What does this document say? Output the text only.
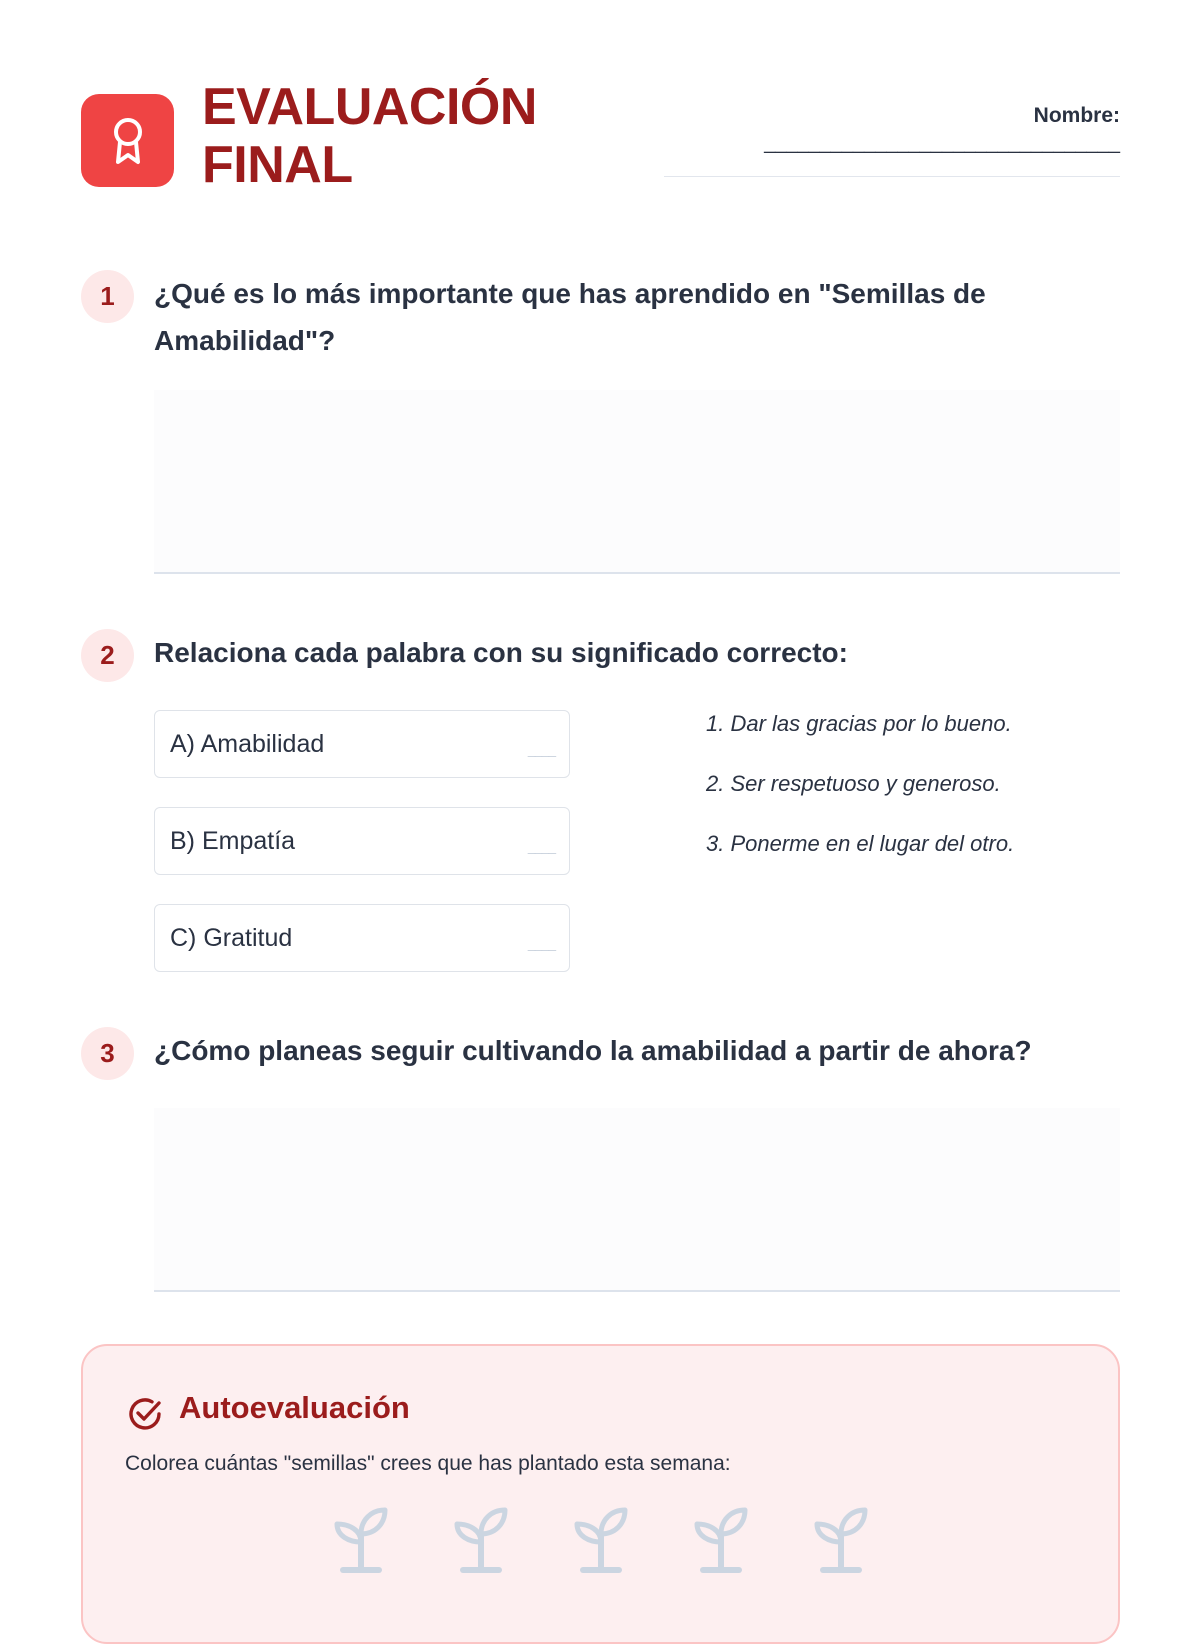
EVALUACIÓN
FINAL
Nombre:
________________________________
1	¿Qué es lo más importante que has aprendido en "Semillas de Amabilidad"?
2	Relaciona cada palabra con su significado correcto:
A) Amabilidad	____
B) Empatía	____
C) Gratitud	____
1. Dar las gracias por lo bueno.
2. Ser respetuoso y generoso.
3. Ponerme en el lugar del otro.
3	¿Cómo planeas seguir cultivando la amabilidad a partir de ahora?
Autoevaluación
Colorea cuántas "semillas" crees que has plantado esta semana:
